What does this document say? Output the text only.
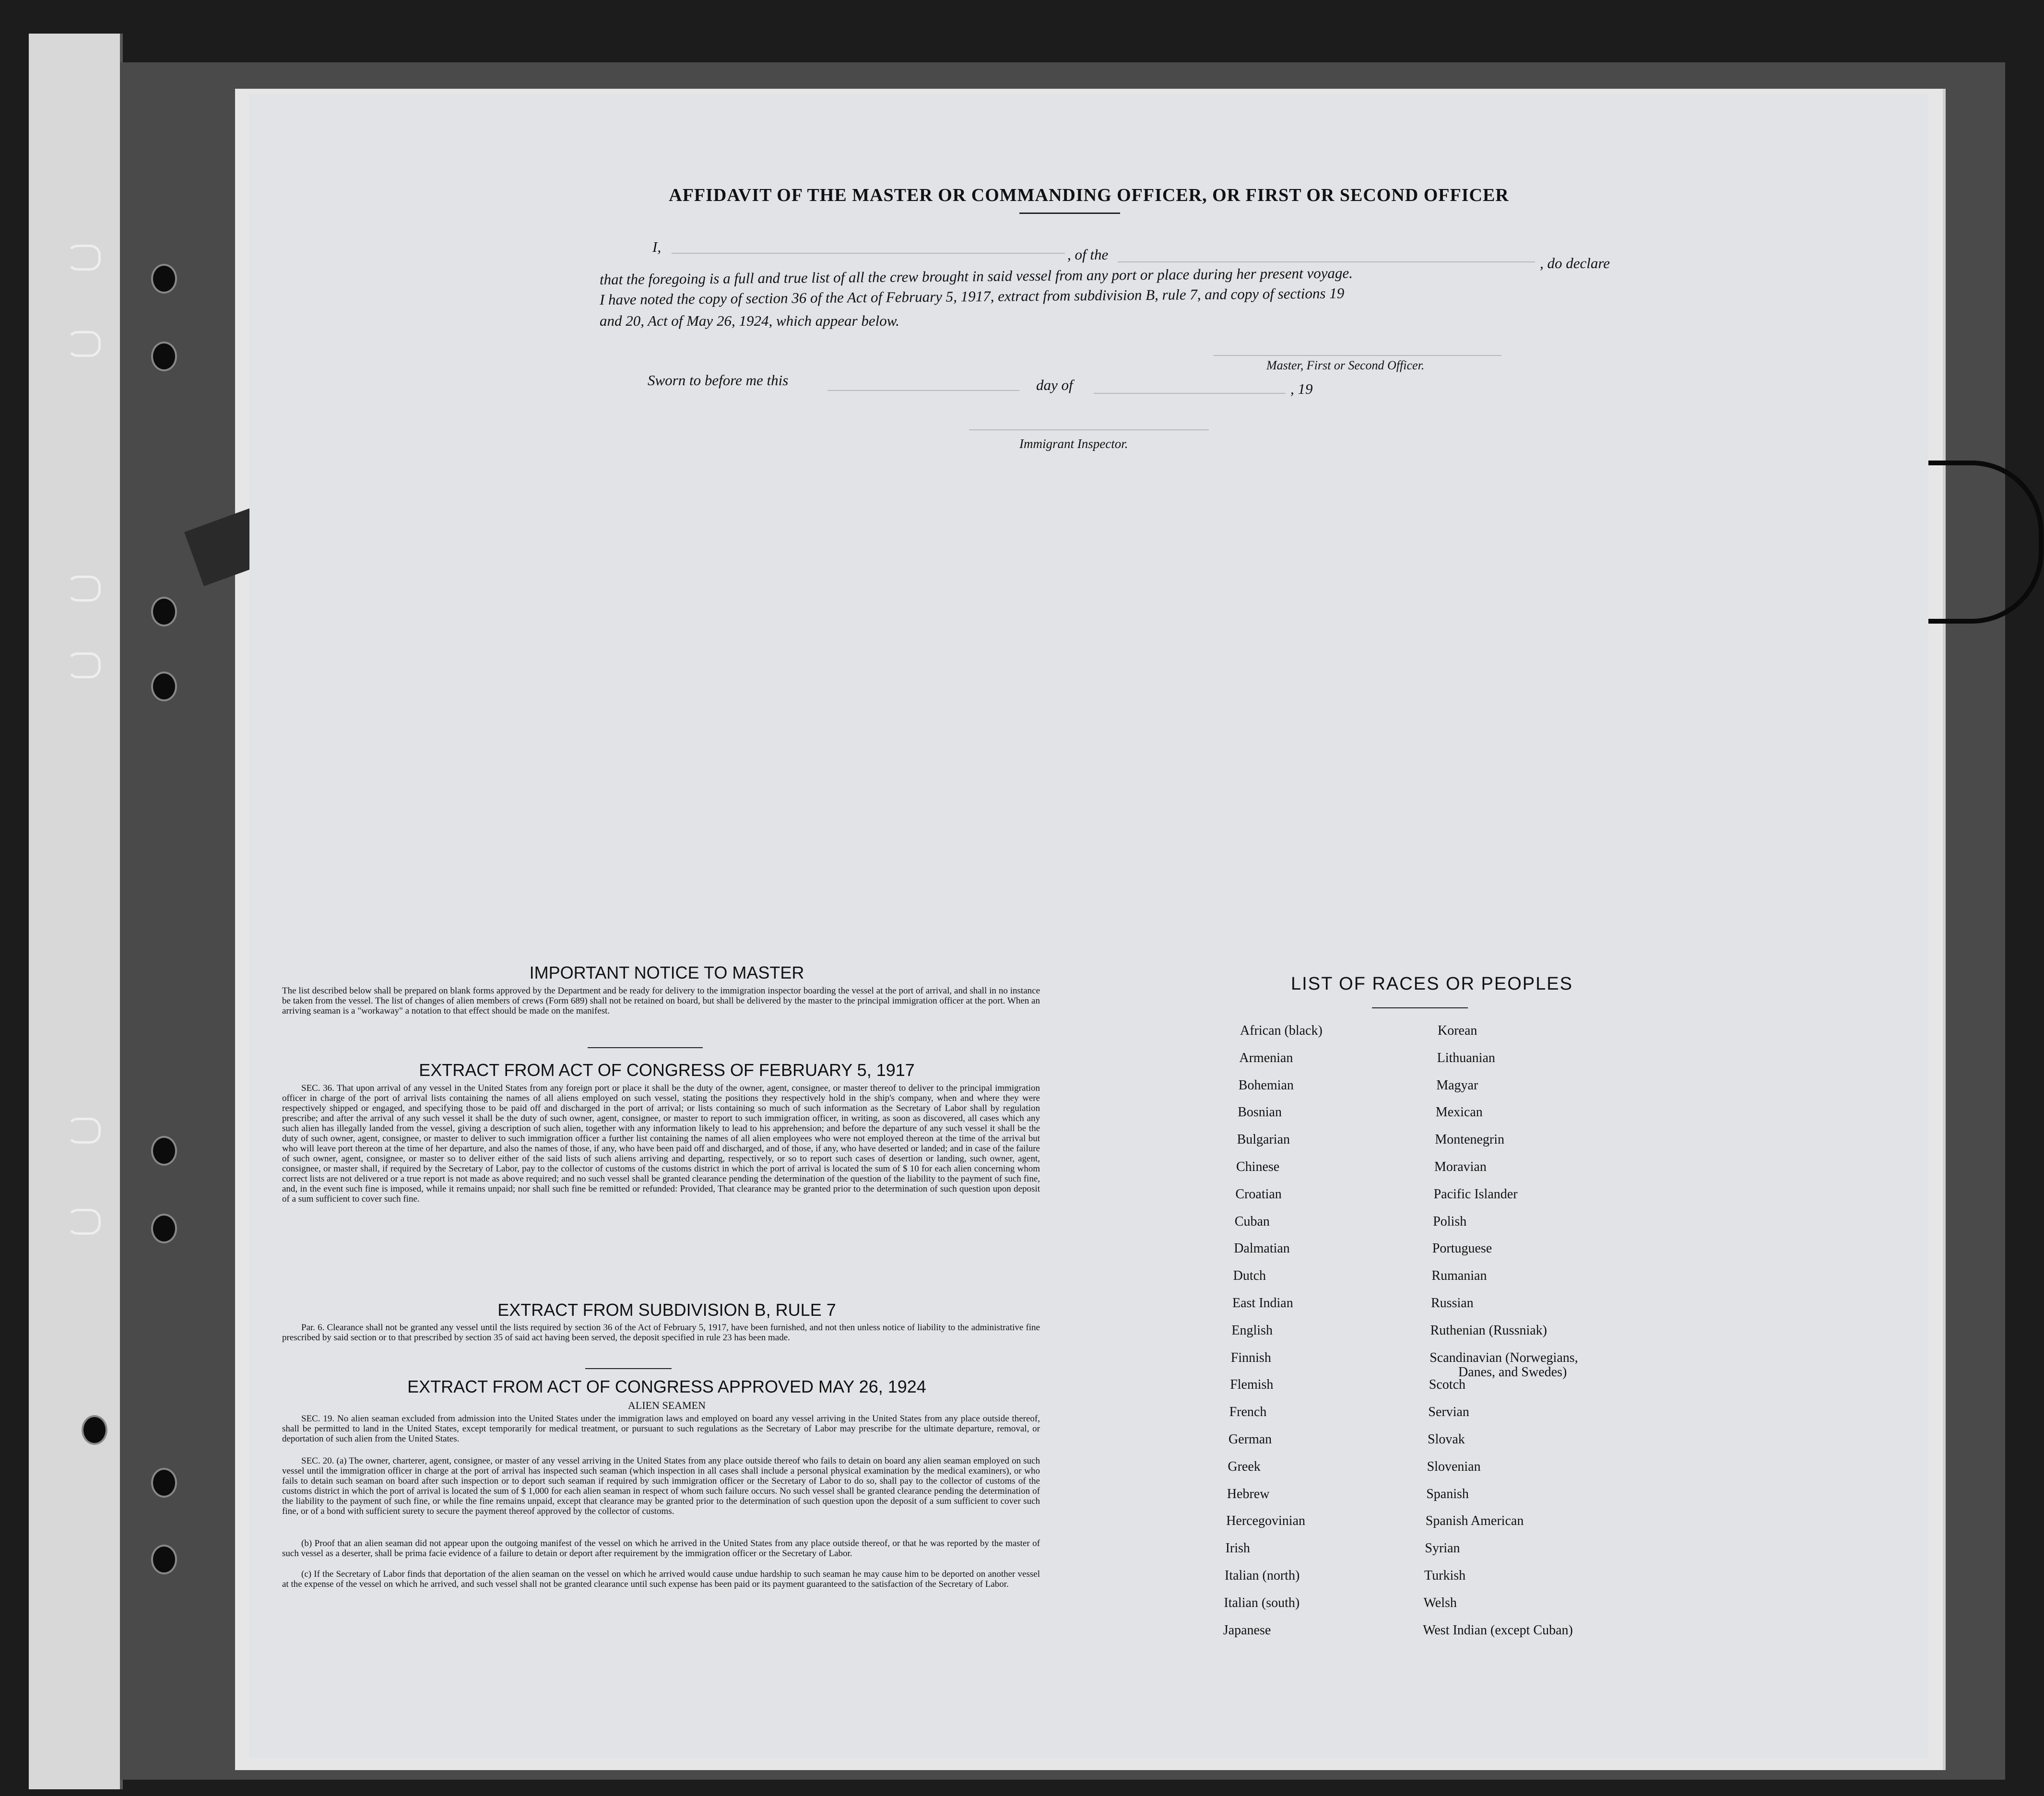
AFFIDAVIT OF THE MASTER OR COMMANDING OFFICER, OR FIRST OR SECOND OFFICER
I,	, of the
, do declare
that the foregoing is a full and true list of all the crew brought in said vessel from any port or place during her present voyage.
I have noted the copy of section 36 of the Act of February 5, 1917, extract from subdivision B, rule 7, and copy of sections 19
and 20, Act of May 26, 1924, which appear below.
Master, First or Second Officer.
Sworn to before me this	day of	, 19
Immigrant Inspector.
IMPORTANT NOTICE TO MASTER
The list described below shall be prepared on blank forms approved by the Department and be ready for delivery to the immigration inspector boarding the vessel at the port of arrival, and shall in no instance be taken from the vessel. The list of changes of alien members of crews (Form 689) shall not be retained on board, but shall be delivered by the master to the principal immigration officer at the port. When an arriving seaman is a "workaway" a notation to that effect should be made on the manifest.
EXTRACT FROM ACT OF CONGRESS OF FEBRUARY 5, 1917
SEC. 36. That upon arrival of any vessel in the United States from any foreign port or place it shall be the duty of the owner, agent, consignee, or master thereof to deliver to the principal immigration officer in charge of the port of arrival lists containing the names of all aliens employed on such vessel, stating the positions they respectively hold in the ship's company, when and where they were respectively shipped or engaged, and specifying those to be paid off and discharged in the port of arrival; or lists containing so much of such information as the Secretary of Labor shall by regulation prescribe; and after the arrival of any such vessel it shall be the duty of such owner, agent, consignee, or master to report to such immigration officer, in writing, as soon as discovered, all cases which any such alien has illegally landed from the vessel, giving a description of such alien, together with any information likely to lead to his apprehension; and before the departure of any such vessel it shall be the duty of such owner, agent, consignee, or master to deliver to such immigration officer a further list containing the names of all alien employees who were not employed thereon at the time of the arrival but who will leave port thereon at the time of her departure, and also the names of those, if any, who have been paid off and discharged, and of those, if any, who have deserted or landed; and in case of the failure of such owner, agent, consignee, or master so to deliver either of the said lists of such aliens arriving and departing, respectively, or so to report such cases of desertion or landing, such owner, agent, consignee, or master shall, if required by the Secretary of Labor, pay to the collector of customs of the customs district in which the port of arrival is located the sum of $ 10 for each alien concerning whom correct lists are not delivered or a true report is not made as above required; and no such vessel shall be granted clearance pending the determination of the question of the liability to the payment of such fine, and, in the event such fine is imposed, while it remains unpaid; nor shall such fine be remitted or refunded: Provided, That clearance may be granted prior to the determination of such question upon deposit of a sum sufficient to cover such fine.
EXTRACT FROM SUBDIVISION B, RULE 7
Par. 6. Clearance shall not be granted any vessel until the lists required by section 36 of the Act of February 5, 1917, have been furnished, and not then unless notice of liability to the administrative fine prescribed by said section or to that prescribed by section 35 of said act having been served, the deposit specified in rule 23 has been made.
EXTRACT FROM ACT OF CONGRESS APPROVED MAY 26, 1924
ALIEN SEAMEN
SEC. 19. No alien seaman excluded from admission into the United States under the immigration laws and employed on board any vessel arriving in the United States from any place outside thereof, shall be permitted to land in the United States, except temporarily for medical treatment, or pursuant to such regulations as the Secretary of Labor may prescribe for the ultimate departure, removal, or deportation of such alien from the United States.
SEC. 20. (a) The owner, charterer, agent, consignee, or master of any vessel arriving in the United States from any place outside thereof who fails to detain on board any alien seaman employed on such vessel until the immigration officer in charge at the port of arrival has inspected such seaman (which inspection in all cases shall include a personal physical examination by the medical examiners), or who fails to detain such seaman on board after such inspection or to deport such seaman if required by such immigration officer or the Secretary of Labor to do so, shall pay to the collector of customs of the customs district in which the port of arrival is located the sum of $ 1,000 for each alien seaman in respect of whom such failure occurs. No such vessel shall be granted clearance pending the determination of the liability to the payment of such fine, or while the fine remains unpaid, except that clearance may be granted prior to the determination of such question upon the deposit of a sum sufficient to cover such fine, or of a bond with sufficient surety to secure the payment thereof approved by the collector of customs.
(b) Proof that an alien seaman did not appear upon the outgoing manifest of the vessel on which he arrived in the United States from any place outside thereof, or that he was reported by the master of such vessel as a deserter, shall be prima facie evidence of a failure to detain or deport after requirement by the immigration officer or the Secretary of Labor.
(c) If the Secretary of Labor finds that deportation of the alien seaman on the vessel on which he arrived would cause undue hardship to such seaman he may cause him to be deported on another vessel at the expense of the vessel on which he arrived, and such vessel shall not be granted clearance until such expense has been paid or its payment guaranteed to the satisfaction of the Secretary of Labor.
LIST OF RACES OR PEOPLES
African (black)
Armenian
Bohemian
Bosnian
Bulgarian
Chinese
Croatian
Cuban
Dalmatian
Dutch
East Indian
English
Finnish
Flemish
French
German
Greek
Hebrew
Hercegovinian
Irish
Italian (north)
Italian (south)
Japanese
Korean
Lithuanian
Magyar
Mexican
Montenegrin
Moravian
Pacific Islander
Polish
Portuguese
Rumanian
Russian
Ruthenian (Russniak)
Scandinavian (Norwegians,
Danes, and Swedes)
Scotch
Servian
Slovak
Slovenian
Spanish
Spanish American
Syrian
Turkish
Welsh
West Indian (except Cuban)
